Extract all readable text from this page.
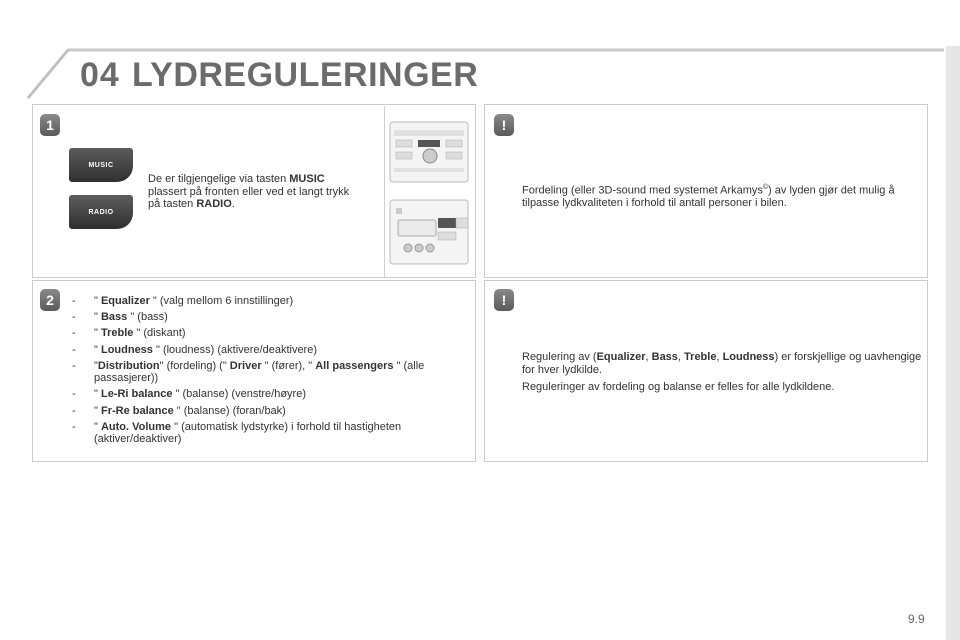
04 LYDREGULERINGER
1
MUSIC
RADIO
De er tilgjengelige via tasten MUSIC plassert på fronten eller ved et langt trykk på tasten RADIO.
!
Fordeling (eller 3D-sound med systemet Arkamys©) av lyden gjør det mulig å tilpasse lydkvaliteten i forhold til antall personer i bilen.
2	- " Equalizer " (valg mellom 6 innstillinger)
- " Bass " (bass)
- " Treble " (diskant)
- " Loudness " (loudness) (aktivere/deaktivere)
- "Distribution" (fordeling) (" Driver " (fører), " All passengers " (alle passasjerer))
- " Le-Ri balance " (balanse) (venstre/høyre)
- " Fr-Re balance " (balanse) (foran/bak)
- " Auto. Volume " (automatisk lydstyrke) i forhold til hastigheten (aktiver/deaktiver)
!
Regulering av (Equalizer, Bass, Treble, Loudness) er forskjellige og uavhengige for hver lydkilde.
Reguleringer av fordeling og balanse er felles for alle lydkildene.
9.9
